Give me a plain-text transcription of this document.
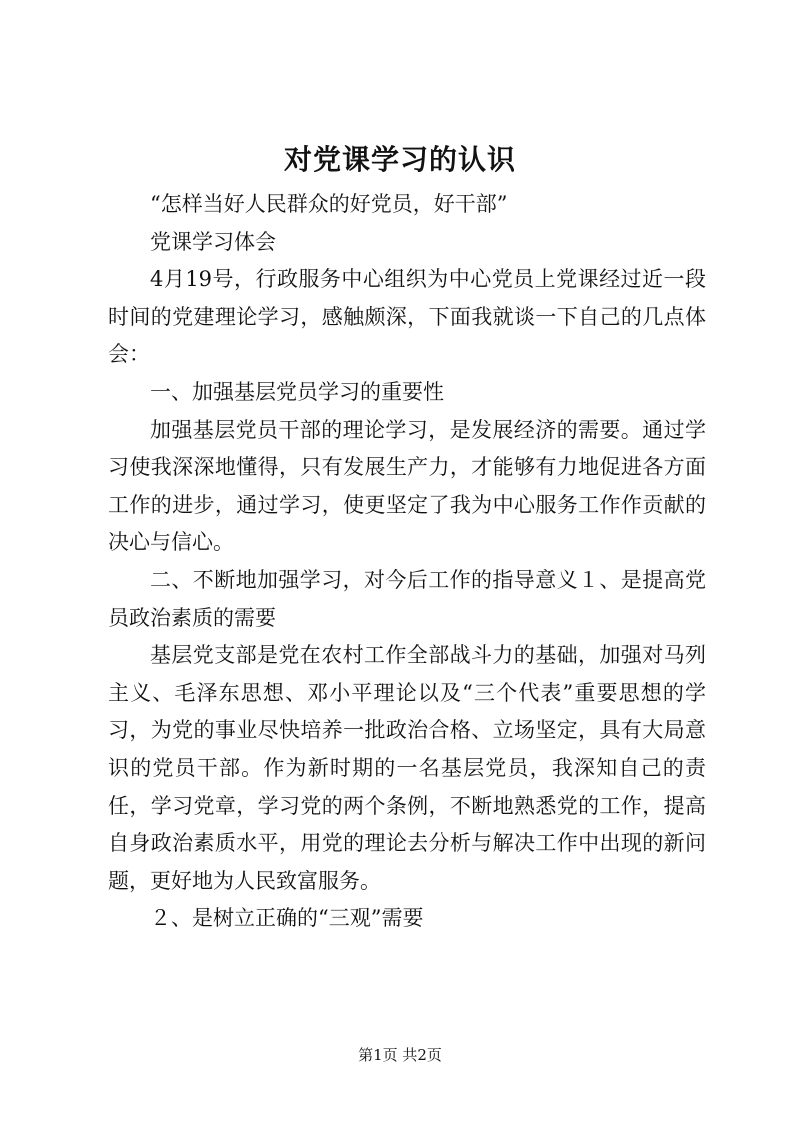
对党课学习的认识

“怎样当好人民群众的好党员，好干部”

党课学习体会

4月19号，行政服务中心组织为中心党员上党课经过近一段时间的党建理论学习，感触颇深，下面我就谈一下自己的几点体会：

一、加强基层党员学习的重要性

加强基层党员干部的理论学习，是发展经济的需要。通过学习使我深深地懂得，只有发展生产力，才能够有力地促进各方面工作的进步，通过学习，使更坚定了我为中心服务工作作贡献的决心与信心。

二、不断地加强学习，对今后工作的指导意义１、是提高党员政治素质的需要

基层党支部是党在农村工作全部战斗力的基础，加强对马列主义、毛泽东思想、邓小平理论以及“三个代表”重要思想的学习，为党的事业尽快培养一批政治合格、立场坚定，具有大局意识的党员干部。作为新时期的一名基层党员，我深知自己的责任，学习党章，学习党的两个条例，不断地熟悉党的工作，提高自身政治素质水平，用党的理论去分析与解决工作中出现的新问题，更好地为人民致富服务。

２、是树立正确的“三观”需要

第1页 共2页
